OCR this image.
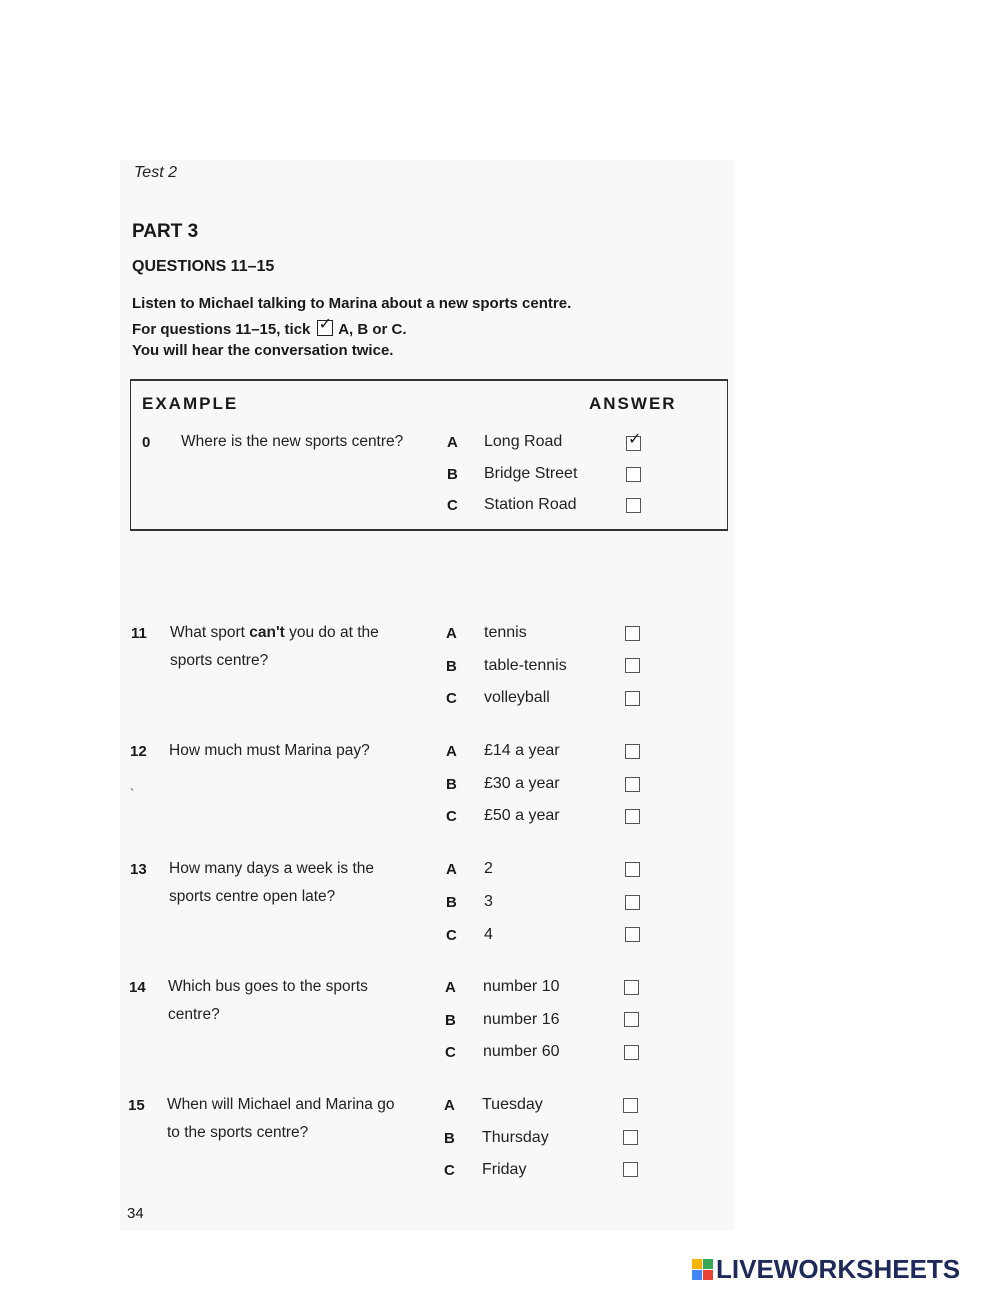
Test 2
PART 3
QUESTIONS 11–15
Listen to Michael talking to Marina about a new sports centre.
For questions 11–15, tick ✓ A, B or C.
You will hear the conversation twice.
EXAMPLE	ANSWER
0 Where is the new sports centre?	A Long Road	✓
B Bridge Street
C Station Road
11 What sport can't you do at the
sports centre?
A tennis
B table-tennis
C volleyball
12 How much must Marina pay?
`
A £14 a year
B £30 a year
C £50 a year
13 How many days a week is the
sports centre open late?
A 2
B 3
C 4
14 Which bus goes to the sports
centre?
A number 10
B number 16
C number 60
15 When will Michael and Marina go
to the sports centre?
A Tuesday
B Thursday
C Friday
34
LIVEWORKSHEETS
